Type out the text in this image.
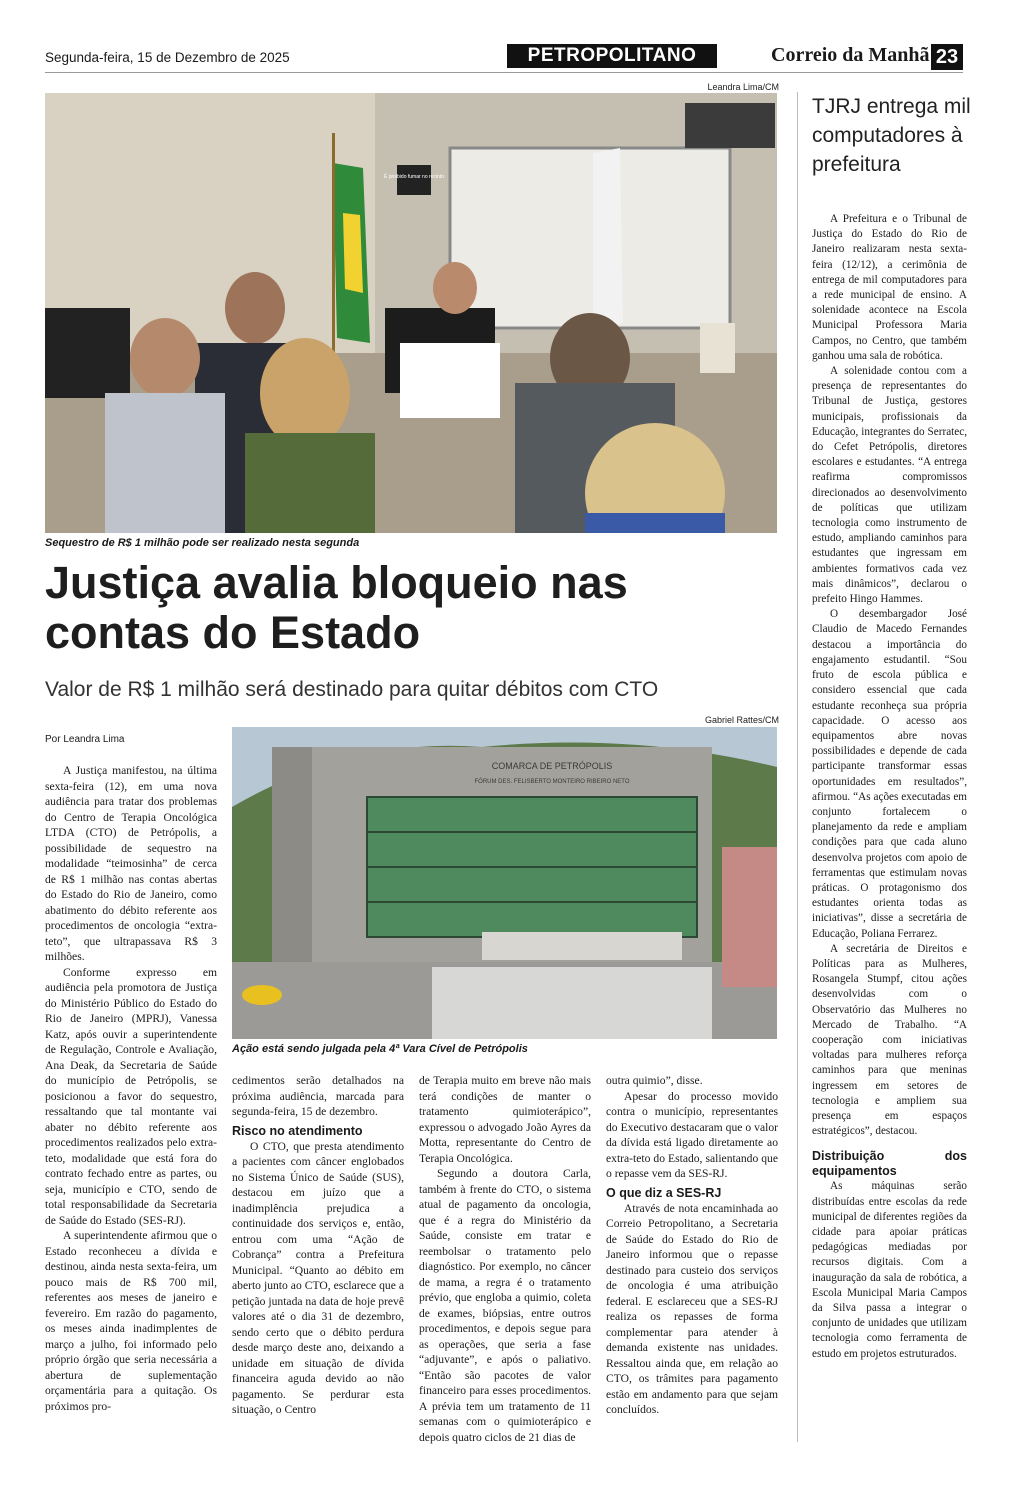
Segunda-feira, 15 de Dezembro de 2025	PETROPOLITANO	Correio da Manhã 23
Leandra Lima/CM
É proibido fumar no recinto
Sequestro de R$ 1 milhão pode ser realizado nesta segunda
Justiça avalia bloqueio nas contas do Estado
Valor de R$ 1 milhão será destinado para quitar débitos com CTO
Por Leandra Lima
Gabriel Rattes/CM
COMARCA DE PETRÓPOLIS
FÓRUM DES. FELISBERTO MONTEIRO RIBEIRO NETO
Ação está sendo julgada pela 4ª Vara Cível de Petrópolis

A Justiça manifestou, na última sexta-feira (12), em uma nova audiência para tratar dos problemas do Centro de Terapia Oncológica LTDA (CTO) de Petrópolis, a possibilidade de sequestro na modalidade “teimosinha” de cerca de R$ 1 milhão nas contas abertas do Estado do Rio de Janeiro, como abatimento do débito referente aos procedimentos de oncologia “extra-teto”, que ultrapassava R$ 3 milhões.

Conforme expresso em audiência pela promotora de Justiça do Ministério Público do Estado do Rio de Janeiro (MPRJ), Vanessa Katz, após ouvir a superintendente de Regulação, Controle e Avaliação, Ana Deak, da Secretaria de Saúde do município de Petrópolis, se posicionou a favor do sequestro, ressaltando que tal montante vai abater no débito referente aos procedimentos realizados pelo extra-teto, modalidade que está fora do contrato fechado entre as partes, ou seja, município e CTO, sendo de total responsabilidade da Secretaria de Saúde do Estado (SES-RJ).

A superintendente afirmou que o Estado reconheceu a dívida e destinou, ainda nesta sexta-feira, um pouco mais de R$ 700 mil, referentes aos meses de janeiro e fevereiro. Em razão do pagamento, os meses ainda inadimplentes de março a julho, foi informado pelo próprio órgão que seria necessária a abertura de suplementação orçamentária para a quitação. Os próximos pro-

cedimentos serão detalhados na próxima audiência, marcada para segunda-feira, 15 de dezembro.

Risco no atendimento

O CTO, que presta atendimento a pacientes com câncer englobados no Sistema Único de Saúde (SUS), destacou em juízo que a inadimplência prejudica a continuidade dos serviços e, então, entrou com uma “Ação de Cobrança” contra a Prefeitura Municipal. “Quanto ao débito em aberto junto ao CTO, esclarece que a petição juntada na data de hoje prevê valores até o dia 31 de dezembro, sendo certo que o débito perdura desde março deste ano, deixando a unidade em situação de dívida financeira aguda devido ao não pagamento. Se perdurar esta situação, o Centro

de Terapia muito em breve não mais terá condições de manter o tratamento quimioterápico”, expressou o advogado João Ayres da Motta, representante do Centro de Terapia Oncológica.

Segundo a doutora Carla, também à frente do CTO, o sistema atual de pagamento da oncologia, que é a regra do Ministério da Saúde, consiste em tratar e reembolsar o tratamento pelo diagnóstico. Por exemplo, no câncer de mama, a regra é o tratamento prévio, que engloba a quimio, coleta de exames, biópsias, entre outros procedimentos, e depois segue para as operações, que seria a fase “adjuvante”, e após o paliativo. “Então são pacotes de valor financeiro para esses procedimentos. A prévia tem um tratamento de 11 semanas com o quimioterápico e depois quatro ciclos de 21 dias de

outra quimio”, disse.

Apesar do processo movido contra o município, representantes do Executivo destacaram que o valor da dívida está ligado diretamente ao extra-teto do Estado, salientando que o repasse vem da SES-RJ.

O que diz a SES-RJ

Através de nota encaminhada ao Correio Petropolitano, a Secretaria de Saúde do Estado do Rio de Janeiro informou que o repasse destinado para custeio dos serviços de oncologia é uma atribuição federal. E esclareceu que a SES-RJ realiza os repasses de forma complementar para atender à demanda existente nas unidades. Ressaltou ainda que, em relação ao CTO, os trâmites para pagamento estão em andamento para que sejam concluídos.

TJRJ entrega mil computadores à prefeitura

A Prefeitura e o Tribunal de Justiça do Estado do Rio de Janeiro realizaram nesta sexta-feira (12/12), a cerimônia de entrega de mil computadores para a rede municipal de ensino. A solenidade acontece na Escola Municipal Professora Maria Campos, no Centro, que também ganhou uma sala de robótica.

A solenidade contou com a presença de representantes do Tribunal de Justiça, gestores municipais, profissionais da Educação, integrantes do Serratec, do Cefet Petrópolis, diretores escolares e estudantes. “A entrega reafirma compromissos direcionados ao desenvolvimento de políticas que utilizam tecnologia como instrumento de estudo, ampliando caminhos para estudantes que ingressam em ambientes formativos cada vez mais dinâmicos”, declarou o prefeito Hingo Hammes.

O desembargador José Claudio de Macedo Fernandes destacou a importância do engajamento estudantil. “Sou fruto de escola pública e considero essencial que cada estudante reconheça sua própria capacidade. O acesso aos equipamentos abre novas possibilidades e depende de cada participante transformar essas oportunidades em resultados”, afirmou. “As ações executadas em conjunto fortalecem o planejamento da rede e ampliam condições para que cada aluno desenvolva projetos com apoio de ferramentas que estimulam novas práticas. O protagonismo dos estudantes orienta todas as iniciativas”, disse a secretária de Educação, Poliana Ferrarez.

A secretária de Direitos e Políticas para as Mulheres, Rosangela Stumpf, citou ações desenvolvidas com o Observatório das Mulheres no Mercado de Trabalho. “A cooperação com iniciativas voltadas para mulheres reforça caminhos para que meninas ingressem em setores de tecnologia e ampliem sua presença em espaços estratégicos”, destacou.

Distribuição dos equipamentos

As máquinas serão distribuídas entre escolas da rede municipal de diferentes regiões da cidade para apoiar práticas pedagógicas mediadas por recursos digitais. Com a inauguração da sala de robótica, a Escola Municipal Maria Campos da Silva passa a integrar o conjunto de unidades que utilizam tecnologia como ferramenta de estudo em projetos estruturados.
